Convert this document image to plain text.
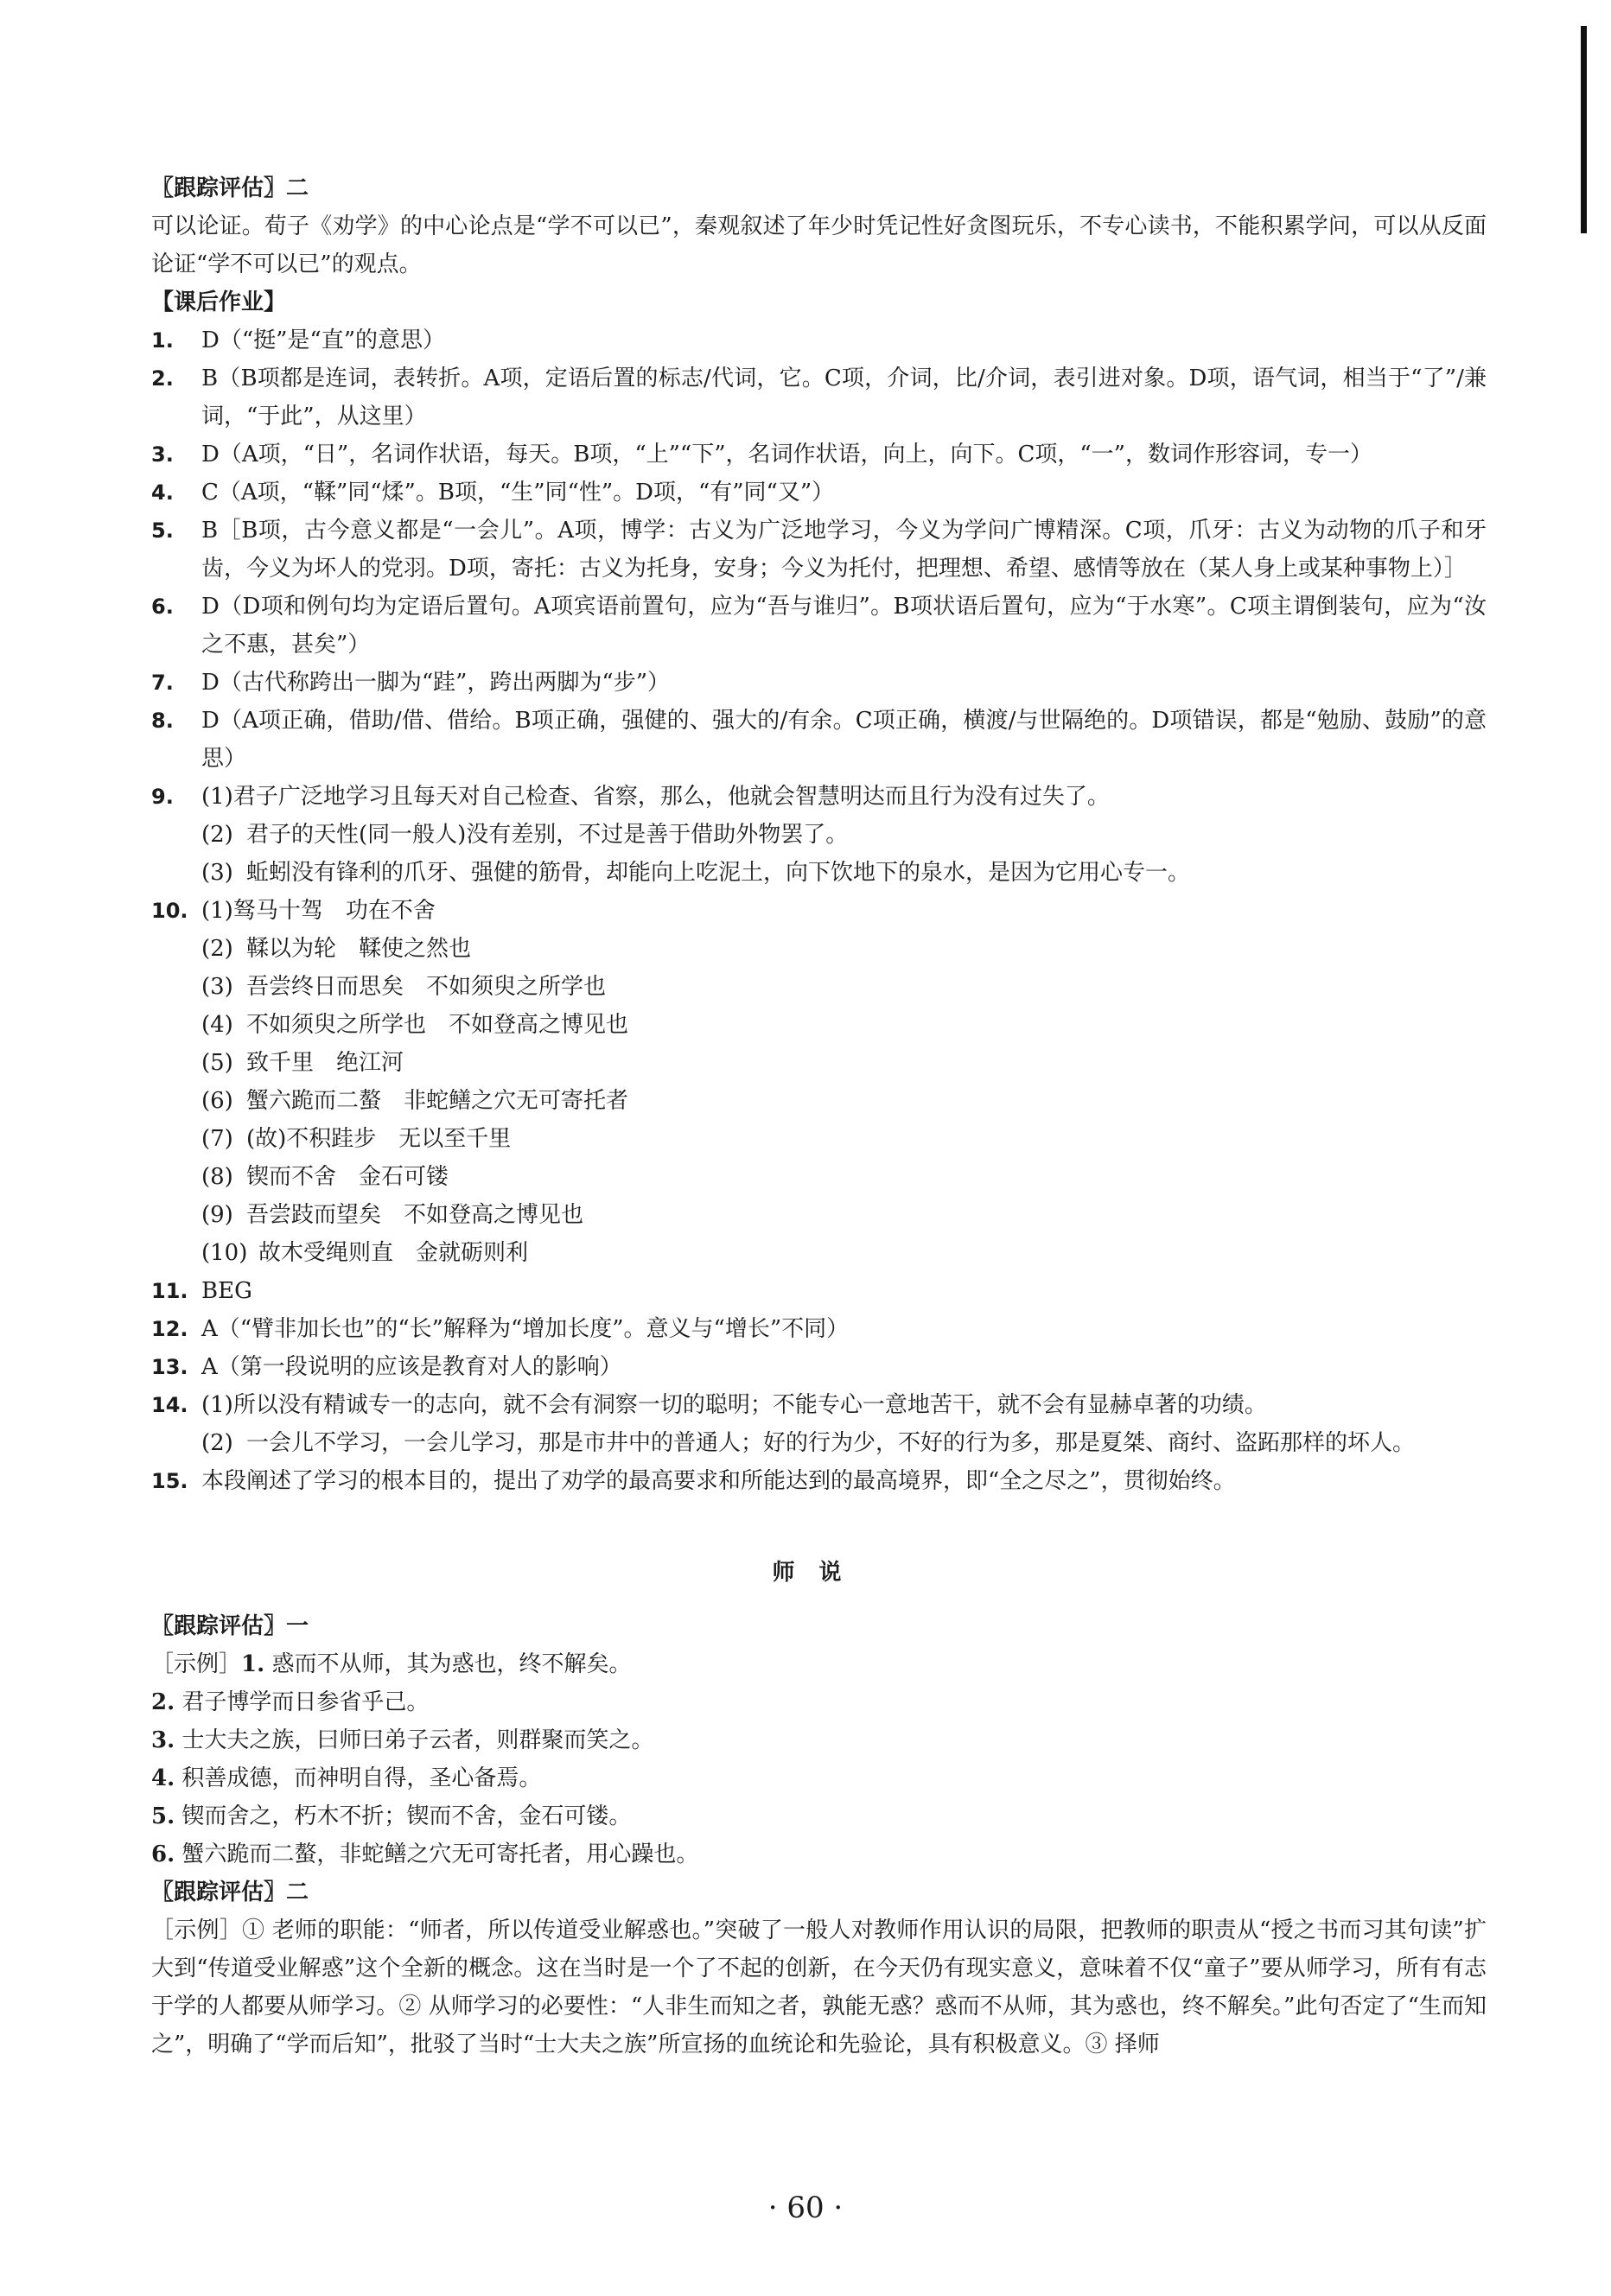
〖跟踪评估〗二
可以论证。荀子《劝学》的中心论点是“学不可以已”，秦观叙述了年少时凭记性好贪图玩乐，不专心读书，不能积累学问，可以从反面论证“学不可以已”的观点。
【课后作业】
1.	D（“挺”是“直”的意思）
2.	B（B项都是连词，表转折。A项，定语后置的标志/代词，它。C项，介词，比/介词，表引进对象。D项，语气词，相当于“了”/兼词，“于此”，从这里）
3.	D（A项，“日”，名词作状语，每天。B项，“上”“下”，名词作状语，向上，向下。C项，“一”，数词作形容词，专一）
4.	C（A项，“鞣”同“煣”。B项，“生”同“性”。D项，“有”同“又”）
5.	B［B项，古今意义都是“一会儿”。A项，博学：古义为广泛地学习，今义为学问广博精深。C项，爪牙：古义为动物的爪子和牙齿，今义为坏人的党羽。D项，寄托：古义为托身，安身；今义为托付，把理想、希望、感情等放在（某人身上或某种事物上）］
6.	D（D项和例句均为定语后置句。A项宾语前置句，应为“吾与谁归”。B项状语后置句，应为“于水寒”。C项主谓倒装句，应为“汝之不惠，甚矣”）
7.	D（古代称跨出一脚为“跬”，跨出两脚为“步”）
8.	D（A项正确，借助/借、借给。B项正确，强健的、强大的/有余。C项正确，横渡/与世隔绝的。D项错误，都是“勉励、鼓励”的意思）
9.	(1)君子广泛地学习且每天对自己检查、省察，那么，他就会智慧明达而且行为没有过失了。
(2) 君子的天性(同一般人)没有差别，不过是善于借助外物罢了。
(3) 蚯蚓没有锋利的爪牙、强健的筋骨，却能向上吃泥土，向下饮地下的泉水，是因为它用心专一。
10. (1)驽马十驾　功在不舍
(2) 鞣以为轮　鞣使之然也
(3) 吾尝终日而思矣　不如须臾之所学也
(4) 不如须臾之所学也　不如登高之博见也
(5) 致千里　绝江河
(6) 蟹六跪而二螯　非蛇鳝之穴无可寄托者
(7) (故)不积跬步　无以至千里
(8) 锲而不舍　金石可镂
(9) 吾尝跂而望矣　不如登高之博见也
(10) 故木受绳则直　金就砺则利
11. BEG
12. A（“臂非加长也”的“长”解释为“增加长度”。意义与“增长”不同）
13. A（第一段说明的应该是教育对人的影响）
14. (1)所以没有精诚专一的志向，就不会有洞察一切的聪明；不能专心一意地苦干，就不会有显赫卓著的功绩。
(2) 一会儿不学习，一会儿学习，那是市井中的普通人；好的行为少，不好的行为多，那是夏桀、商纣、盗跖那样的坏人。
15. 本段阐述了学习的根本目的，提出了劝学的最高要求和所能达到的最高境界，即“全之尽之”，贯彻始终。
师说
〖跟踪评估〗一
［示例］1. 惑而不从师，其为惑也，终不解矣。
2. 君子博学而日参省乎己。
3. 士大夫之族，曰师曰弟子云者，则群聚而笑之。
4. 积善成德，而神明自得，圣心备焉。
5. 锲而舍之，朽木不折；锲而不舍，金石可镂。
6. 蟹六跪而二螯，非蛇鳝之穴无可寄托者，用心躁也。
〖跟踪评估〗二
［示例］① 老师的职能：“师者，所以传道受业解惑也。”突破了一般人对教师作用认识的局限，把教师的职责从“授之书而习其句读”扩大到“传道受业解惑”这个全新的概念。这在当时是一个了不起的创新，在今天仍有现实意义，意味着不仅“童子”要从师学习，所有有志于学的人都要从师学习。② 从师学习的必要性：“人非生而知之者，孰能无惑？惑而不从师，其为惑也，终不解矣。”此句否定了“生而知之”，明确了“学而后知”，批驳了当时“士大夫之族”所宣扬的血统论和先验论，具有积极意义。③ 择师
· 60 ·
